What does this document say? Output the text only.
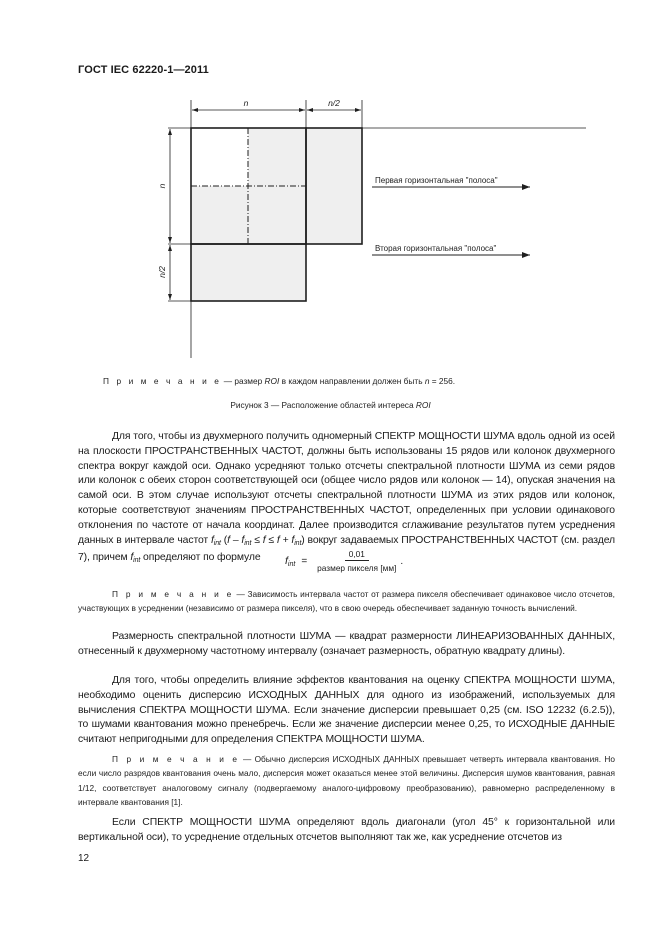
ГОСТ IEC 62220-1—2011
n	n/2
n
n/2
Первая горизонтальная "полоса"
Вторая горизонтальная "полоса"
П р и м е ч а н и е — размер ROI в каждом направлении должен быть n = 256.
Рисунок 3 — Расположение областей интереса ROI
Для того, чтобы из двухмерного получить одномерный СПЕКТР МОЩНОСТИ ШУМА вдоль одной из осей на плоскости ПРОСТРАНСТВЕННЫХ ЧАСТОТ, должны быть использованы 15 рядов или колонок двухмерного спектра вокруг каждой оси. Однако усредняют только отсчеты спектральной плотности ШУМА из семи рядов или колонок с обеих сторон соответствующей оси (общее число рядов или колонок — 14), опуская значения на самой оси. В этом случае используют отсчеты спектральной плотности ШУМА из этих рядов или колонок, которые соответствуют значениям ПРОСТРАНСТВЕННЫХ ЧАСТОТ, определенных при условии одинакового отклонения по частоте от начала координат. Далее производится сглаживание результатов путем усреднения данных в интервале частот $f_{int}$ $(f - f_{int} \le f \le f + f_{int})$ вокруг задаваемых ПРОСТРАНСТВЕННЫХ ЧАСТОТ (см. раздел 7), причем $f_{int}$ определяют по формуле	$f_{int} = \frac{0,01}{\text{размер пикселя [мм]}}$ .
П р и м е ч а н и е — Зависимость интервала частот от размера пикселя обеспечивает одинаковое число отсчетов, участвующих в усреднении (независимо от размера пикселя), что в свою очередь обеспечивает заданную точность вычислений.
Размерность спектральной плотности ШУМА — квадрат размерности ЛИНЕАРИЗОВАННЫХ ДАННЫХ, отнесенный к двухмерному частотному интервалу (означает размерность, обратную квадрату длины).
Для того, чтобы определить влияние эффектов квантования на оценку СПЕКТРА МОЩНОСТИ ШУМА, необходимо оценить дисперсию ИСХОДНЫХ ДАННЫХ для одного из изображений, используемых для вычисления СПЕКТРА МОЩНОСТИ ШУМА. Если значение дисперсии превышает 0,25 (см. ISO 12232 (6.2.5)), то шумами квантования можно пренебречь. Если же значение дисперсии менее 0,25, то ИСХОДНЫЕ ДАННЫЕ считают непригодными для определения СПЕКТРА МОЩНОСТИ ШУМА.
П р и м е ч а н и е — Обычно дисперсия ИСХОДНЫХ ДАННЫХ превышает четверть интервала квантования. Но если число разрядов квантования очень мало, дисперсия может оказаться менее этой величины. Дисперсия шумов квантования, равная 1/12, соответствует аналоговому сигналу (подвергаемому аналого-цифровому преобразованию), равномерно распределенному в интервале квантования [1].
Если СПЕКТР МОЩНОСТИ ШУМА определяют вдоль диагонали (угол 45° к горизонтальной или вертикальной оси), то усреднение отдельных отсчетов выполняют так же, как усреднение отсчетов из
12
